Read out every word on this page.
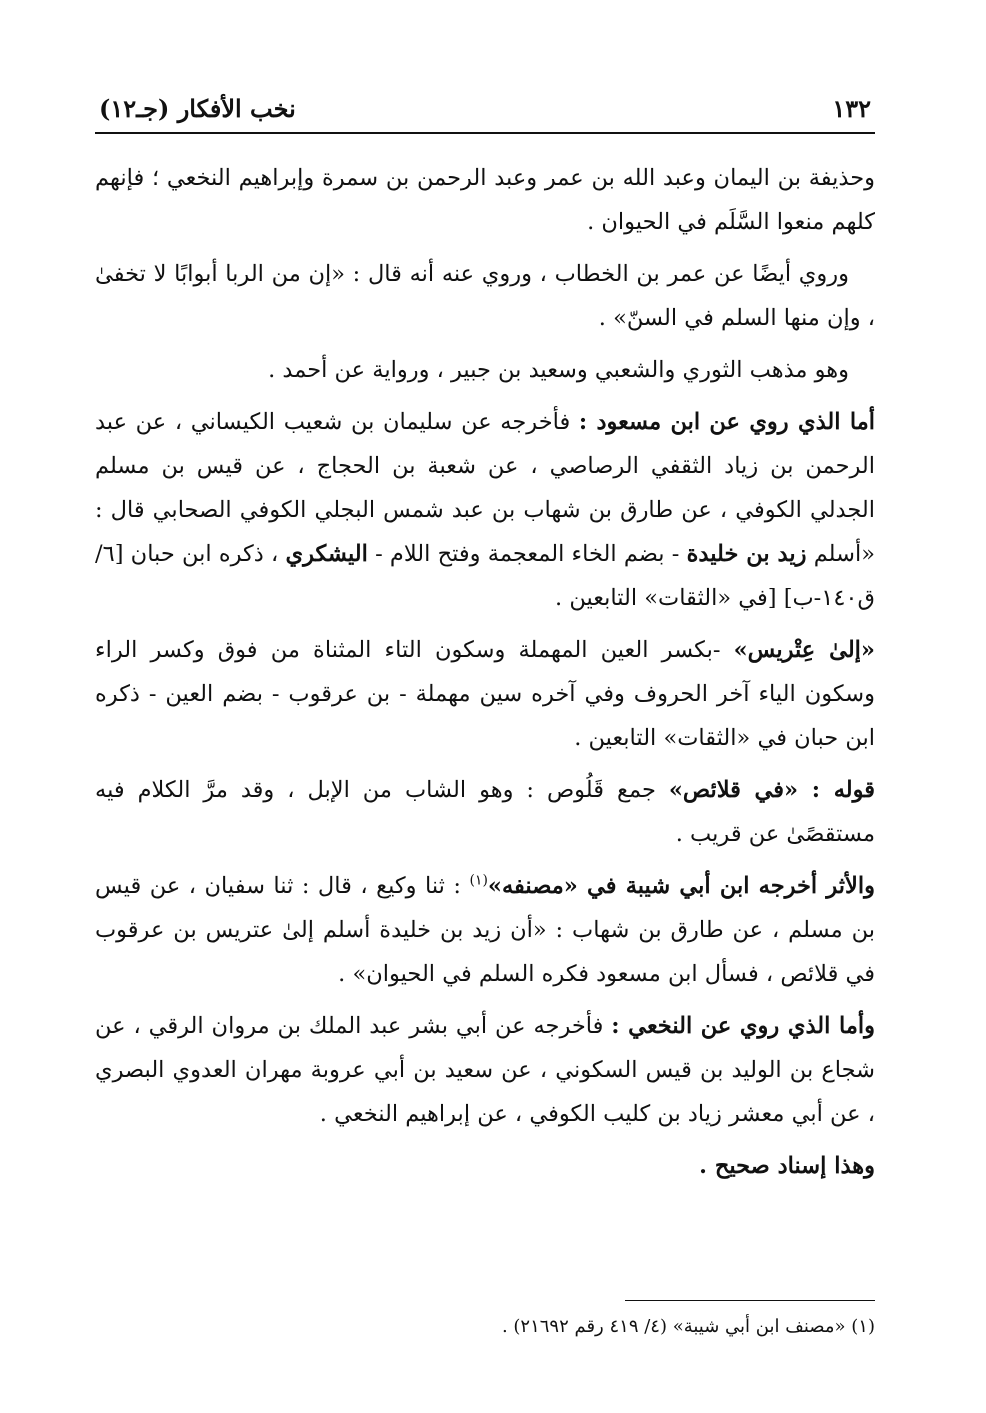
١٣٢
نخب الأفكار (جـ١٢)

وحذيفة بن اليمان وعبد الله بن عمر وعبد الرحمن بن سمرة وإبراهيم النخعي ؛ فإنهم كلهم منعوا السَّلَم في الحيوان .

وروي أيضًا عن عمر بن الخطاب ، وروي عنه أنه قال : «إن من الربا أبوابًا لا تخفىٰ ، وإن منها السلم في السنّ» .

وهو مذهب الثوري والشعبي وسعيد بن جبير ، ورواية عن أحمد .

أما الذي روي عن ابن مسعود : فأخرجه عن سليمان بن شعيب الكيساني ، عن عبد الرحمن بن زياد الثقفي الرصاصي ، عن شعبة بن الحجاج ، عن قيس بن مسلم الجدلي الكوفي ، عن طارق بن شهاب بن عبد شمس البجلي الكوفي الصحابي قال : «أسلم زيد بن خليدة - بضم الخاء المعجمة وفتح اللام - اليشكري ، ذكره ابن حبان [٦/ ق١٤٠-ب] [في «الثقات» التابعين .

«إلىٰ عِتْريس» -بكسر العين المهملة وسكون التاء المثناة من فوق وكسر الراء وسكون الياء آخر الحروف وفي آخره سين مهملة - بن عرقوب - بضم العين - ذكره ابن حبان في «الثقات» التابعين .

قوله : «في قلائص» جمع قَلُوص : وهو الشاب من الإبل ، وقد مرَّ الكلام فيه مستقصًىٰ عن قريب .

والأثر أخرجه ابن أبي شيبة في «مصنفه»$^{(١)}$ : ثنا وكيع ، قال : ثنا سفيان ، عن قيس بن مسلم ، عن طارق بن شهاب : «أن زيد بن خليدة أسلم إلىٰ عتريس بن عرقوب في قلائص ، فسأل ابن مسعود فكره السلم في الحيوان» .

وأما الذي روي عن النخعي : فأخرجه عن أبي بشر عبد الملك بن مروان الرقي ، عن شجاع بن الوليد بن قيس السكوني ، عن سعيد بن أبي عروبة مهران العدوي البصري ، عن أبي معشر زياد بن كليب الكوفي ، عن إبراهيم النخعي .

وهذا إسناد صحيح .

(١) «مصنف ابن أبي شيبة» (٤/ ٤١٩ رقم ٢١٦٩٢) .
